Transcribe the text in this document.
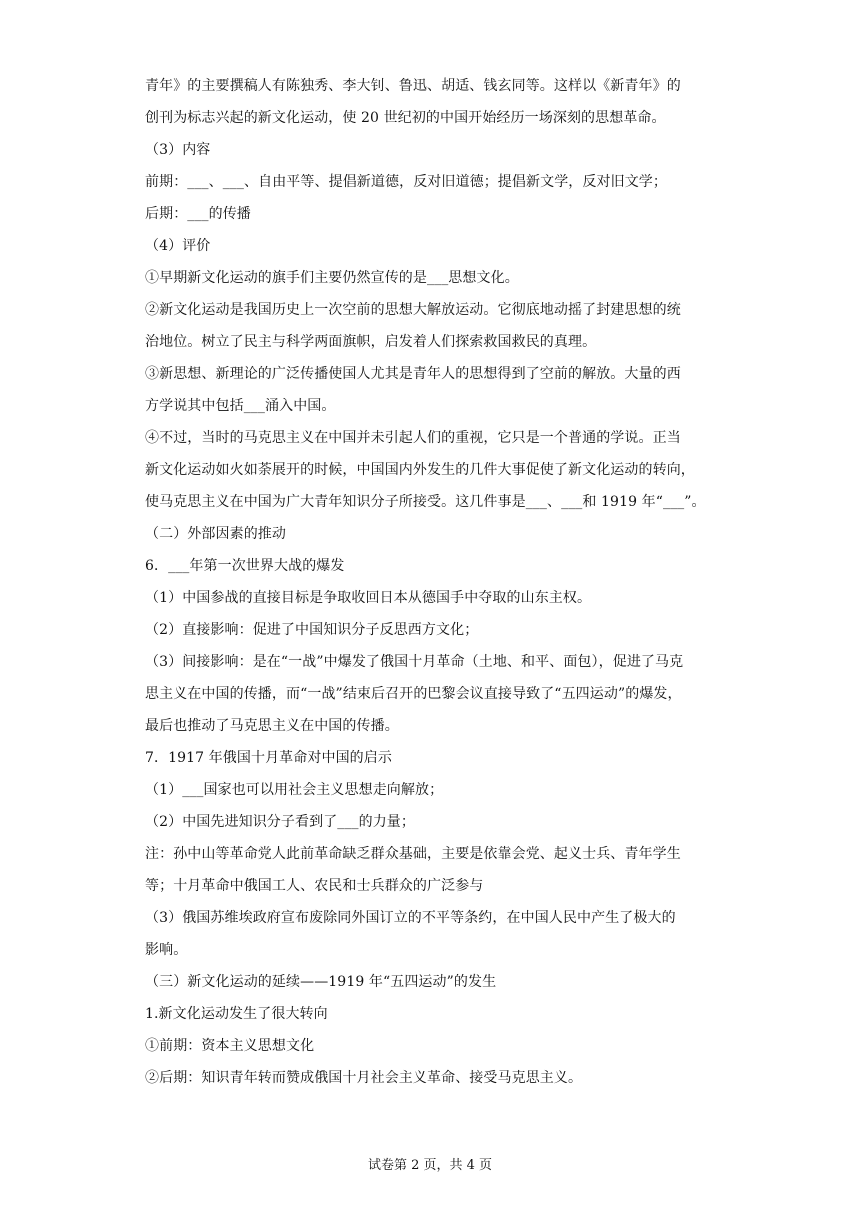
青年》的主要撰稿人有陈独秀、李大钊、鲁迅、胡适、钱玄同等。这样以《新青年》的
创刊为标志兴起的新文化运动，使 20 世纪初的中国开始经历一场深刻的思想革命。
（3）内容
前期：___、___、自由平等、提倡新道德，反对旧道德；提倡新文学，反对旧文学；
后期：___的传播
（4）评价
①早期新文化运动的旗手们主要仍然宣传的是___思想文化。
②新文化运动是我国历史上一次空前的思想大解放运动。它彻底地动摇了封建思想的统
治地位。树立了民主与科学两面旗帜，启发着人们探索救国救民的真理。
③新思想、新理论的广泛传播使国人尤其是青年人的思想得到了空前的解放。大量的西
方学说其中包括___涌入中国。
④不过，当时的马克思主义在中国并未引起人们的重视，它只是一个普通的学说。正当
新文化运动如火如荼展开的时候，中国国内外发生的几件大事促使了新文化运动的转向，
使马克思主义在中国为广大青年知识分子所接受。这几件事是___、___和 1919 年“___”。
（二）外部因素的推动
6．___年第一次世界大战的爆发
（1）中国参战的直接目标是争取收回日本从德国手中夺取的山东主权。
（2）直接影响：促进了中国知识分子反思西方文化；
（3）间接影响：是在“一战”中爆发了俄国十月革命（土地、和平、面包），促进了马克
思主义在中国的传播，而“一战”结束后召开的巴黎会议直接导致了“五四运动”的爆发，
最后也推动了马克思主义在中国的传播。
7．1917 年俄国十月革命对中国的启示
（1）___国家也可以用社会主义思想走向解放；
（2）中国先进知识分子看到了___的力量；
注：孙中山等革命党人此前革命缺乏群众基础，主要是依靠会党、起义士兵、青年学生
等；十月革命中俄国工人、农民和士兵群众的广泛参与
（3）俄国苏维埃政府宣布废除同外国订立的不平等条约，在中国人民中产生了极大的
影响。
（三）新文化运动的延续——1919 年“五四运动”的发生
1.新文化运动发生了很大转向
①前期：资本主义思想文化
②后期：知识青年转而赞成俄国十月社会主义革命、接受马克思主义。
试卷第 2 页，共 4 页
